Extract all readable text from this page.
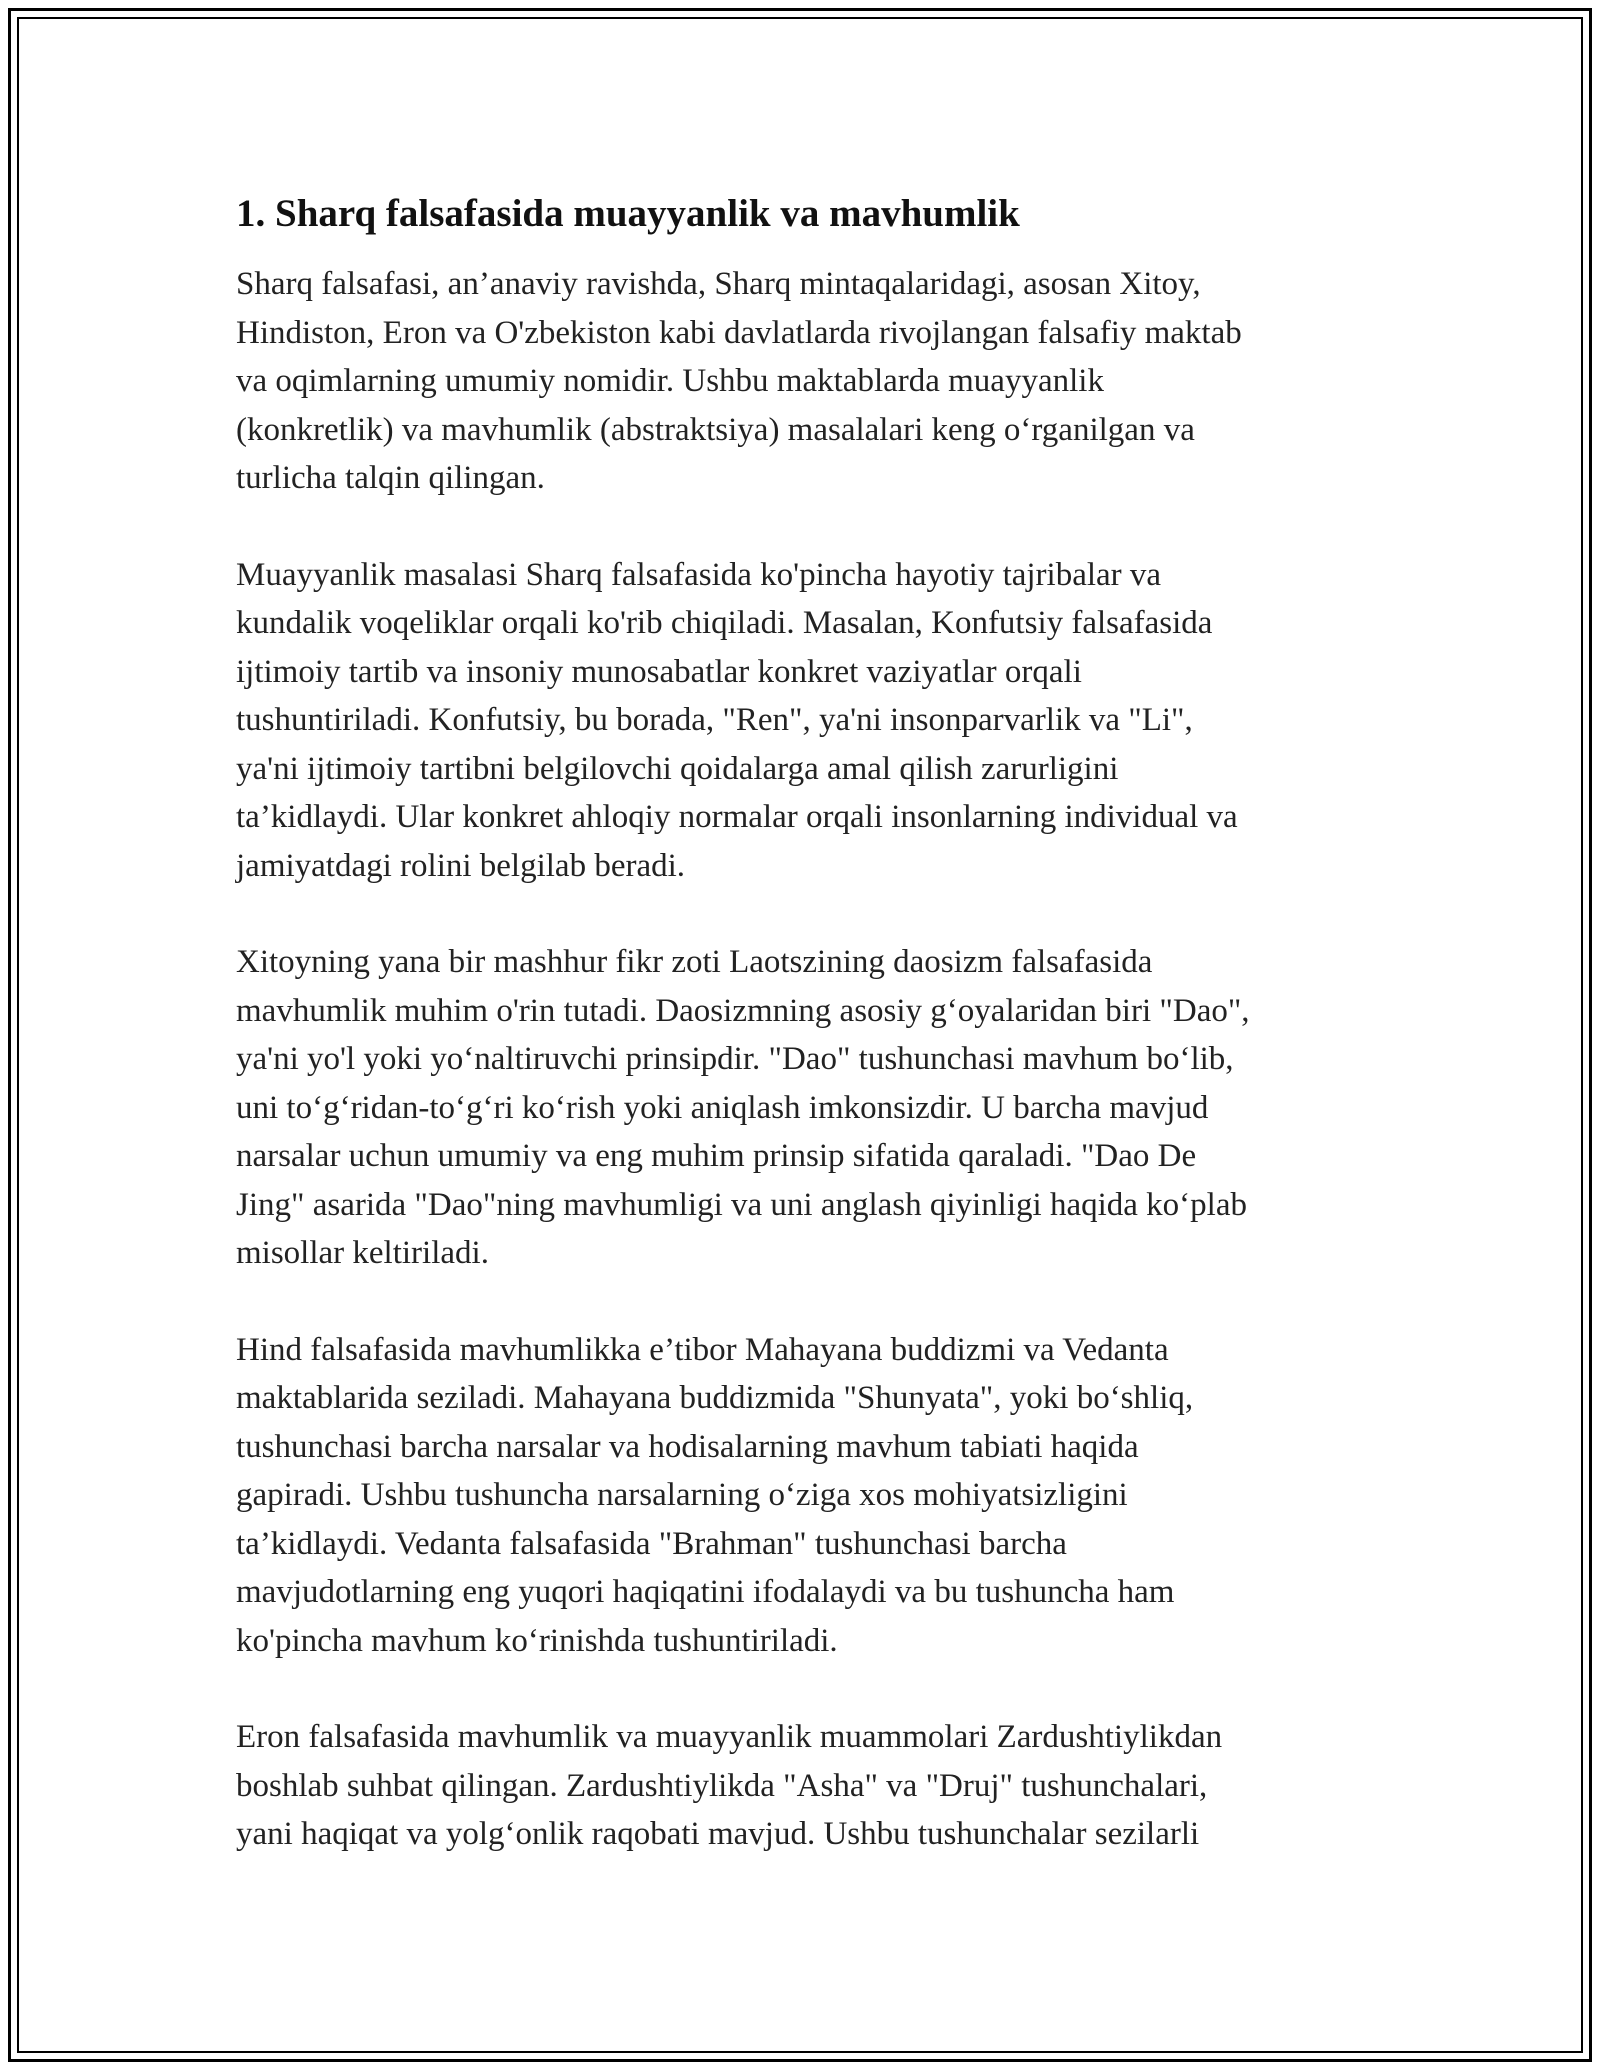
1. Sharq falsafasida muayyanlik va mavhumlik
Sharq falsafasi, an’anaviy ravishda, Sharq mintaqalaridagi, asosan Xitoy,
Hindiston, Eron va O'zbekiston kabi davlatlarda rivojlangan falsafiy maktab
va oqimlarning umumiy nomidir. Ushbu maktablarda muayyanlik
(konkretlik) va mavhumlik (abstraktsiya) masalalari keng o‘rganilgan va
turlicha talqin qilingan.
Muayyanlik masalasi Sharq falsafasida ko'pincha hayotiy tajribalar va
kundalik voqeliklar orqali ko'rib chiqiladi. Masalan, Konfutsiy falsafasida
ijtimoiy tartib va insoniy munosabatlar konkret vaziyatlar orqali
tushuntiriladi. Konfutsiy, bu borada, "Ren", ya'ni insonparvarlik va "Li",
ya'ni ijtimoiy tartibni belgilovchi qoidalarga amal qilish zarurligini
ta’kidlaydi. Ular konkret ahloqiy normalar orqali insonlarning individual va
jamiyatdagi rolini belgilab beradi.
Xitoyning yana bir mashhur fikr zoti Laotszining daosizm falsafasida
mavhumlik muhim o'rin tutadi. Daosizmning asosiy g‘oyalaridan biri "Dao",
ya'ni yo'l yoki yo‘naltiruvchi prinsipdir. "Dao" tushunchasi mavhum bo‘lib,
uni to‘g‘ridan-to‘g‘ri ko‘rish yoki aniqlash imkonsizdir. U barcha mavjud
narsalar uchun umumiy va eng muhim prinsip sifatida qaraladi. "Dao De
Jing" asarida "Dao"ning mavhumligi va uni anglash qiyinligi haqida ko‘plab
misollar keltiriladi.
Hind falsafasida mavhumlikka e’tibor Mahayana buddizmi va Vedanta
maktablarida seziladi. Mahayana buddizmida "Shunyata", yoki bo‘shliq,
tushunchasi barcha narsalar va hodisalarning mavhum tabiati haqida
gapiradi. Ushbu tushuncha narsalarning o‘ziga xos mohiyatsizligini
ta’kidlaydi. Vedanta falsafasida "Brahman" tushunchasi barcha
mavjudotlarning eng yuqori haqiqatini ifodalaydi va bu tushuncha ham
ko'pincha mavhum ko‘rinishda tushuntiriladi.
Eron falsafasida mavhumlik va muayyanlik muammolari Zardushtiylikdan
boshlab suhbat qilingan. Zardushtiylikda "Asha" va "Druj" tushunchalari,
yani haqiqat va yolg‘onlik raqobati mavjud. Ushbu tushunchalar sezilarli
